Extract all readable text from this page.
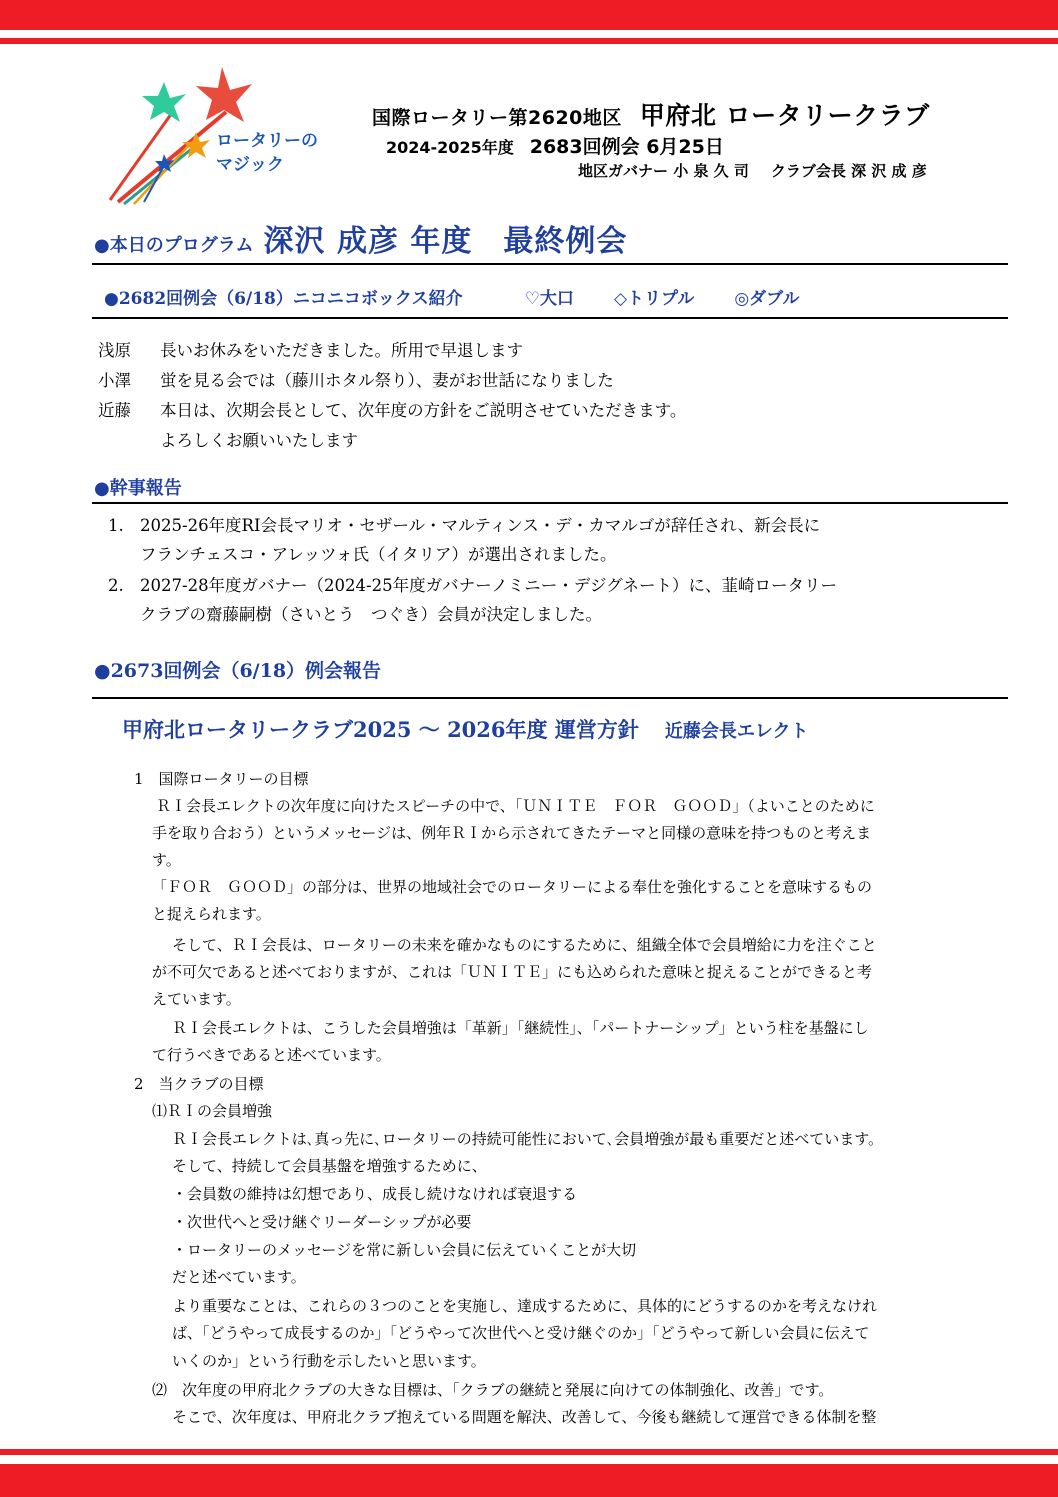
ロータリーの
マジック
国際ロータリー第2620地区 甲府北 ロータリークラブ
2024-2025年度 2683回例会 6月25日
地区ガバナー 小 泉 久 司 クラブ会長 深 沢 成 彦
●本日のプログラム 深沢 成彦 年度　最終例会
●2682回例会（6/18）ニコニコボックス紹介	♡大口 ◇トリプル ◎ダブル
浅原 長いお休みをいただきました。所用で早退します
小澤 蛍を見る会では（藤川ホタル祭り）、妻がお世話になりました
近藤 本日は、次期会長として、次年度の方針をご説明させていただきます。
よろしくお願いいたします
●幹事報告
1. 2025-26年度RI会長マリオ・セザール・マルティンス・デ・カマルゴが辞任され、新会長に
フランチェスコ・アレッツォ氏（イタリア）が選出されました。
2. 2027-28年度ガバナー（2024-25年度ガバナーノミニー・デジグネート）に、韮崎ロータリー
クラブの齋藤嗣樹（さいとう　つぐき）会員が決定しました。
●2673回例会（6/18）例会報告
甲府北ロータリークラブ2025 ～ 2026年度 運営方針 近藤会長エレクト
1　国際ロータリーの目標
ＲＩ会長エレクトの次年度に向けたスピーチの中で、「ＵＮＩＴＥ　ＦＯＲ　ＧＯＯＤ」（よいことのために
手を取り合おう）というメッセージは、例年ＲＩから示されてきたテーマと同様の意味を持つものと考えま
す。
「ＦＯＲ　ＧＯＯＤ」の部分は、世界の地域社会でのロータリーによる奉仕を強化することを意味するもの
と捉えられます。
そして、ＲＩ会長は、ロータリーの未来を確かなものにするために、組織全体で会員増給に力を注ぐこと
が不可欠であると述べておりますが、これは「ＵＮＩＴＥ」にも込められた意味と捉えることができると考
えています。
ＲＩ会長エレクトは、こうした会員増強は「革新」「継続性」、「パートナーシップ」という柱を基盤にし
て行うべきであると述べています。
2　当クラブの目標
⑴ＲＩの会員増強
ＲＩ会長エレクトは､真っ先に､ロータリーの持続可能性において､会員増強が最も重要だと述べています。
そして、持続して会員基盤を増強するために、
・会員数の維持は幻想であり、成長し続けなければ衰退する
・次世代へと受け継ぐリーダーシップが必要
・ロータリーのメッセージを常に新しい会員に伝えていくことが大切
だと述べています。
より重要なことは、これらの３つのことを実施し、達成するために、具体的にどうするのかを考えなけれ
ば、「どうやって成長するのか」「どうやって次世代へと受け継ぐのか」「どうやって新しい会員に伝えて
いくのか」という行動を示したいと思います。
⑵　次年度の甲府北クラブの大きな目標は、「クラブの継続と発展に向けての体制強化、改善」です。
そこで、次年度は、甲府北クラブ抱えている問題を解決、改善して、今後も継続して運営できる体制を整
